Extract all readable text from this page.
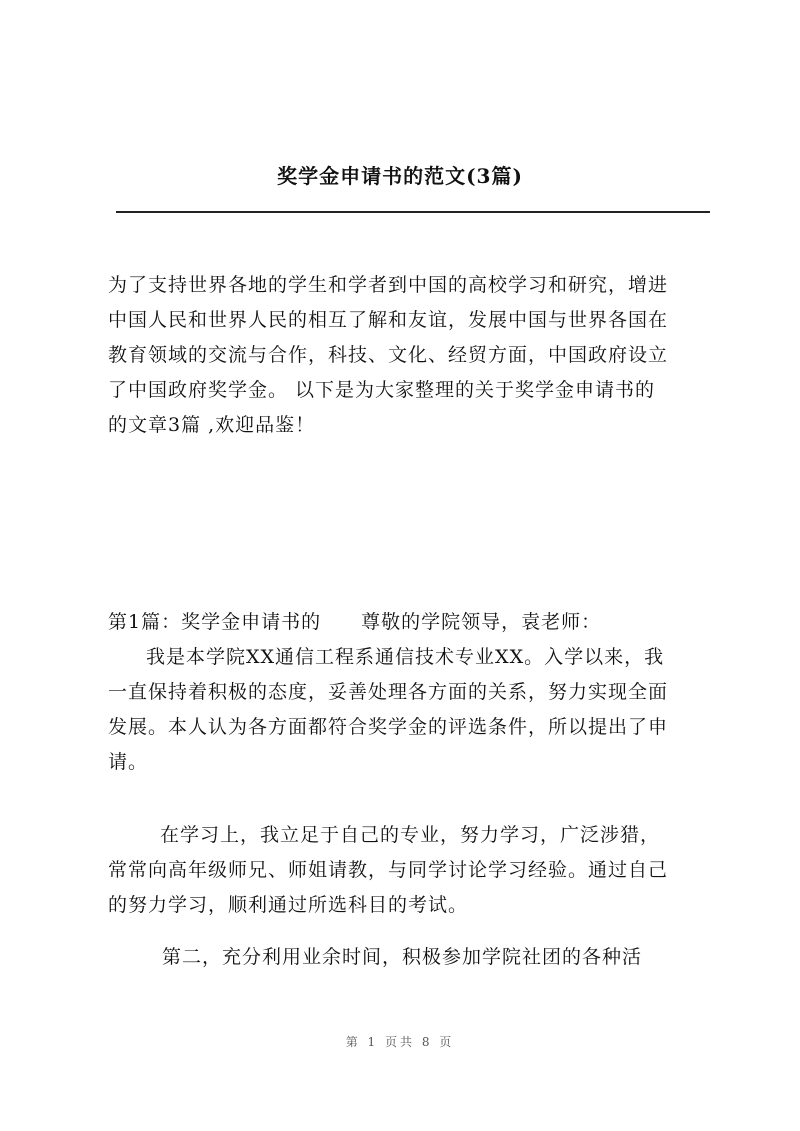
奖学金申请书的范文(3篇)
为了支持世界各地的学生和学者到中国的高校学习和研究，增进
中国人民和世界人民的相互了解和友谊，发展中国与世界各国在
教育领域的交流与合作，科技、文化、经贸方面，中国政府设立
了中国政府奖学金。 以下是为大家整理的关于奖学金申请书的
的文章3篇 ,欢迎品鉴！
第1篇：奖学金申请书的 尊敬的学院领导，袁老师：
我是本学院XX通信工程系通信技术专业XX。入学以来，我
一直保持着积极的态度，妥善处理各方面的关系，努力实现全面
发展。本人认为各方面都符合奖学金的评选条件，所以提出了申
请。
在学习上，我立足于自己的专业，努力学习，广泛涉猎，
常常向高年级师兄、师姐请教，与同学讨论学习经验。通过自己
的努力学习，顺利通过所选科目的考试。
第二，充分利用业余时间，积极参加学院社团的各种活
第 1 页共 8 页
